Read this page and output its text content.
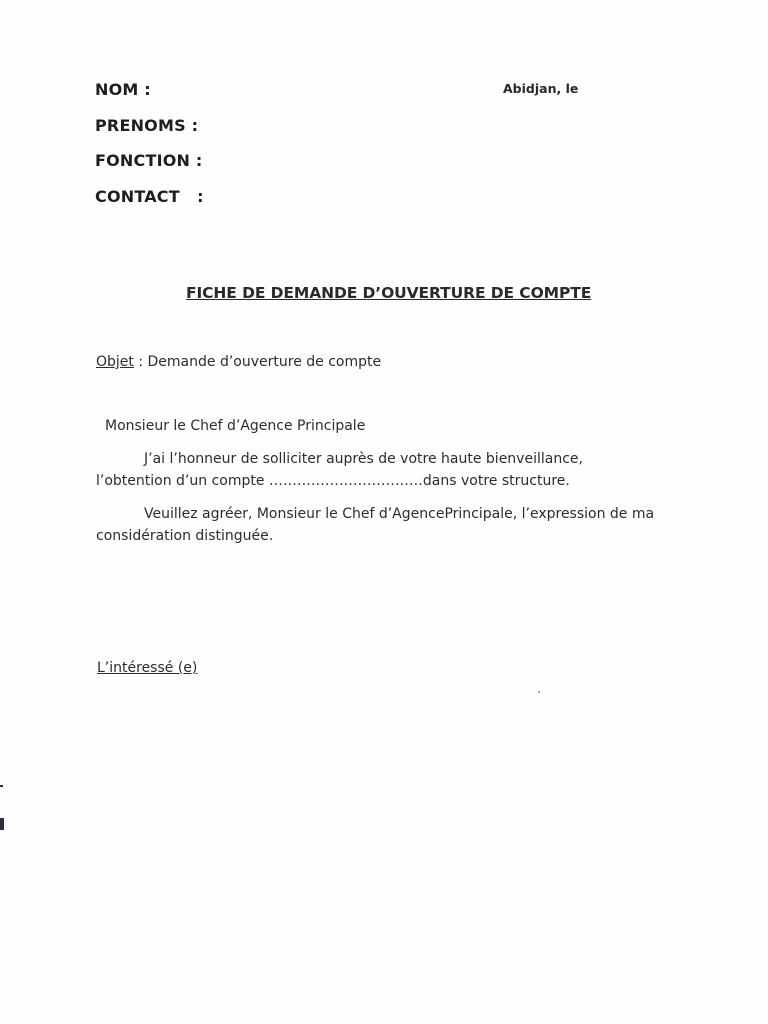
NOM :
PRENOMS :
FONCTION :
CONTACT   :
Abidjan, le
FICHE DE DEMANDE D’OUVERTURE DE COMPTE
Objet : Demande d’ouverture de compte
Monsieur le Chef d’Agence Principale
J’ai l’honneur de solliciter auprès de votre haute bienveillance,
l’obtention d’un compte ……………………………dans votre structure.
Veuillez agréer, Monsieur le Chef d’AgencePrincipale, l’expression de ma
considération distinguée.
L’intéressé (e)
